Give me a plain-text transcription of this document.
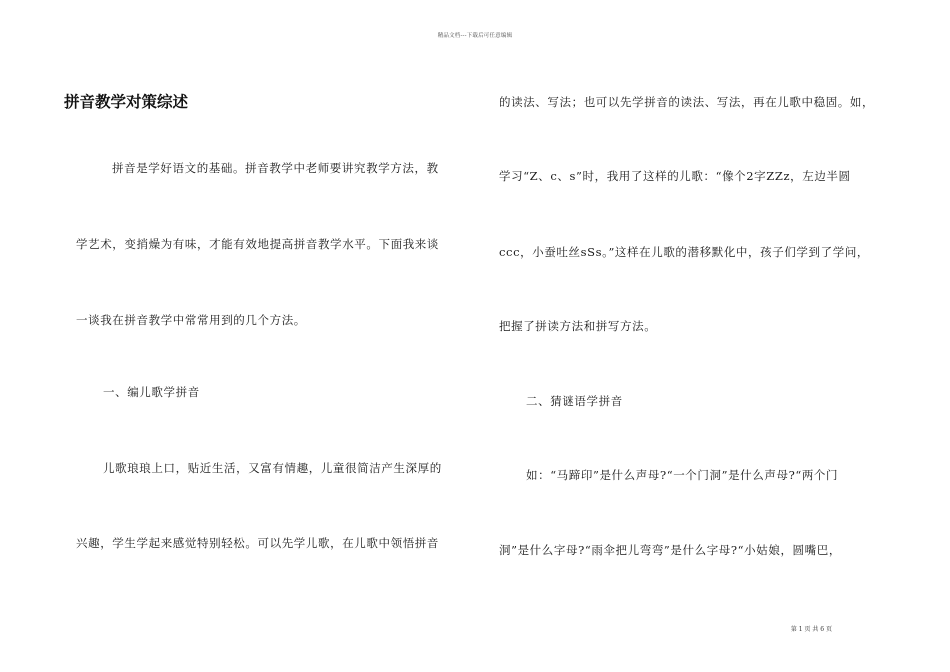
精品文档---下载后可任意编辑
拼音教学对策综述
拼音是学好语文的基础。拼音教学中老师要讲究教学方法，教
学艺术，变捎燥为有味，才能有效地提高拼音教学水平。下面我来谈
一谈我在拼音教学中常常用到的几个方法。
一、编儿歌学拼音
儿歌琅琅上口，贴近生活，又富有情趣，儿童很简洁产生深厚的
兴趣，学生学起来感觉特别轻松。可以先学儿歌，在儿歌中领悟拼音
的读法、写法；也可以先学拼音的读法、写法，再在儿歌中稳固。如，
学习“Z、c、s”时，我用了这样的儿歌：“像个2字ZZz，左边半圆
ccc，小蚕吐丝sSs。”这样在儿歌的潜移默化中，孩子们学到了学问，
把握了拼读方法和拼写方法。
二、猜谜语学拼音
如：“马蹄印”是什么声母?“一个门洞”是什么声母?“两个门
洞”是什么字母?“雨伞把儿弯弯”是什么字母?“小姑娘，圆嘴巴，
第 1 页 共 6 页
